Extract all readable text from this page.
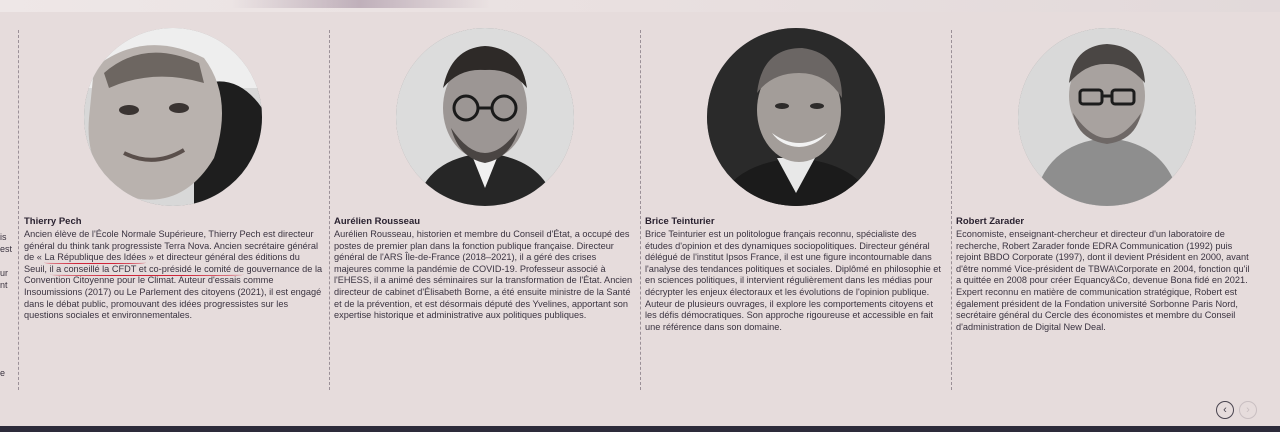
is
est
ur
nt
e
Thierry Pech

Ancien élève de l'École Normale Supérieure, Thierry Pech est directeur général du think tank progressiste Terra Nova. Ancien secrétaire général de « La République des Idées » et directeur général des éditions du Seuil, il a conseillé la CFDT et co-présidé le comité de gouvernance de la Convention Citoyenne pour le Climat. Auteur d'essais comme Insoumissions (2017) ou Le Parlement des citoyens (2021), il est engagé dans le débat public, promouvant des idées progressistes sur les questions sociales et environnementales.

Aurélien Rousseau

Aurélien Rousseau, historien et membre du Conseil d'État, a occupé des postes de premier plan dans la fonction publique française. Directeur général de l'ARS Île-de-France (2018–2021), il a géré des crises majeures comme la pandémie de COVID-19. Professeur associé à l'EHESS, il a animé des séminaires sur la transformation de l'État. Ancien directeur de cabinet d'Élisabeth Borne, a été ensuite ministre de la Santé et de la prévention, et est désormais député des Yvelines, apportant son expertise historique et administrative aux politiques publiques.

Brice Teinturier

Brice Teinturier est un politologue français reconnu, spécialiste des études d'opinion et des dynamiques sociopolitiques. Directeur général délégué de l'institut Ipsos France, il est une figure incontournable dans l'analyse des tendances politiques et sociales. Diplômé en philosophie et en sciences politiques, il intervient régulièrement dans les médias pour décrypter les enjeux électoraux et les évolutions de l'opinion publique. Auteur de plusieurs ouvrages, il explore les comportements citoyens et les défis démocratiques. Son approche rigoureuse et accessible en fait une référence dans son domaine.

Robert Zarader

Economiste, enseignant-chercheur et directeur d'un laboratoire de recherche, Robert Zarader fonde EDRA Communication (1992) puis rejoint BBDO Corporate (1997), dont il devient Président en 2000, avant d'être nommé Vice-président de TBWA\Corporate en 2004, fonction qu'il a quittée en 2008 pour créer Equancy&Co, devenue Bona fidé en 2021. Expert reconnu en matière de communication stratégique, Robert est également président de la Fondation université Sorbonne Paris Nord, secrétaire général du Cercle des économistes et membre du Conseil d'administration de Digital New Deal.

‹ ›
